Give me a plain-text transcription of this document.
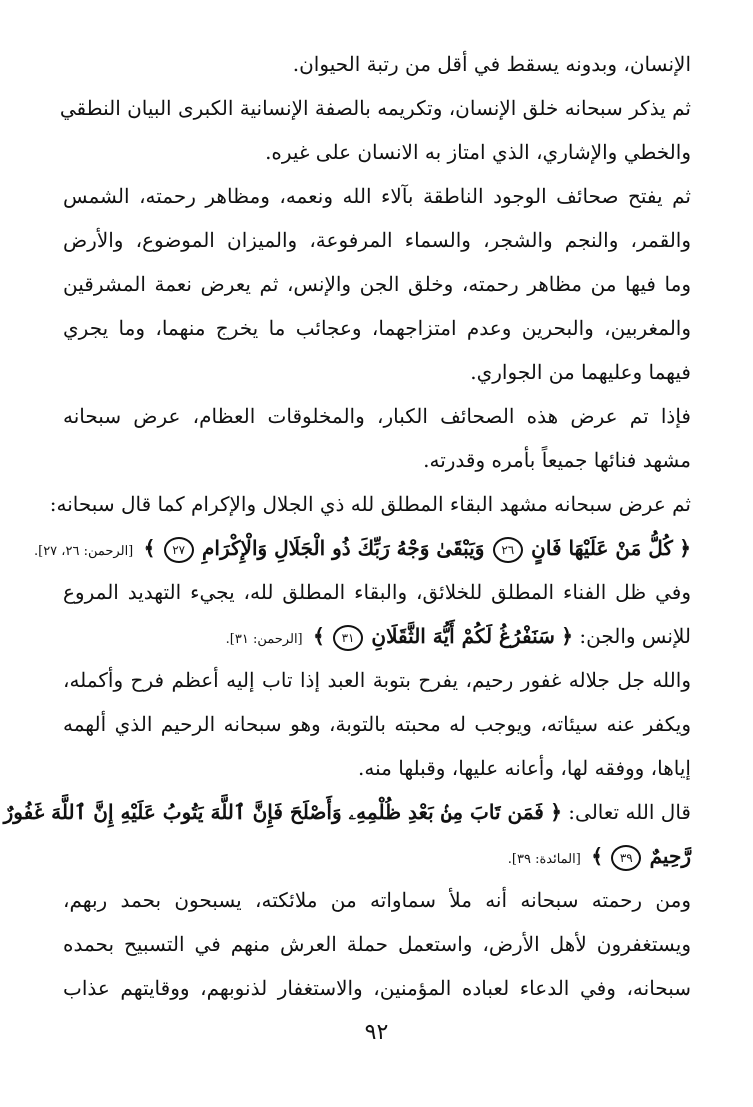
الإنسان، وبدونه يسقط في أقل من رتبة الحيوان.
ثم يذكر سبحانه خلق الإنسان، وتكريمه بالصفة الإنسانية الكبرى البيان النطقي
والخطي والإشاري، الذي امتاز به الانسان على غيره.
ثم يفتح صحائف الوجود الناطقة بآلاء الله ونعمه، ومظاهر رحمته، الشمس
والقمر، والنجم والشجر، والسماء المرفوعة، والميزان الموضوع، والأرض
وما فيها من مظاهر رحمته، وخلق الجن والإنس، ثم يعرض نعمة المشرقين
والمغربين، والبحرين وعدم امتزاجهما، وعجائب ما يخرج منهما، وما يجري
فيهما وعليهما من الجواري.
فإذا تم عرض هذه الصحائف الكبار، والمخلوقات العظام، عرض سبحانه
مشهد فنائها جميعاً بأمره وقدرته.
ثم عرض سبحانه مشهد البقاء المطلق لله ذي الجلال والإكرام كما قال سبحانه:
﴿ كُلُّ مَنْ عَلَيْهَا فَانٍ ٢٦ وَيَبْقَىٰ وَجْهُ رَبِّكَ ذُو الْجَلَالِ وَالْإِكْرَامِ ٢٧ ﴾ [الرحمن: ٢٦، ٢٧].
وفي ظل الفناء المطلق للخلائق، والبقاء المطلق لله، يجيء التهديد المروع
للإنس والجن: ﴿ سَنَفْرُغُ لَكُمْ أَيُّهَ الثَّقَلَانِ ٣١ ﴾ [الرحمن: ٣١].
والله جل جلاله غفور رحيم، يفرح بتوبة العبد إذا تاب إليه أعظم فرح وأكمله،
ويكفر عنه سيئاته، ويوجب له محبته بالتوبة، وهو سبحانه الرحيم الذي ألهمه
إياها، ووفقه لها، وأعانه عليها، وقبلها منه.
قال الله تعالى: ﴿ فَمَن تَابَ مِنۢ بَعْدِ ظُلْمِهِۦ وَأَصْلَحَ فَإِنَّ ٱللَّهَ يَتُوبُ عَلَيْهِ إِنَّ ٱللَّهَ غَفُورٌ
رَّحِيمٌ ٣٩ ﴾ [المائدة: ٣٩].
ومن رحمته سبحانه أنه ملأ سماواته من ملائكته، يسبحون بحمد ربهم،
ويستغفرون لأهل الأرض، واستعمل حملة العرش منهم في التسبيح بحمده
سبحانه، وفي الدعاء لعباده المؤمنين، والاستغفار لذنوبهم، ووقايتهم عذاب
٩٢
